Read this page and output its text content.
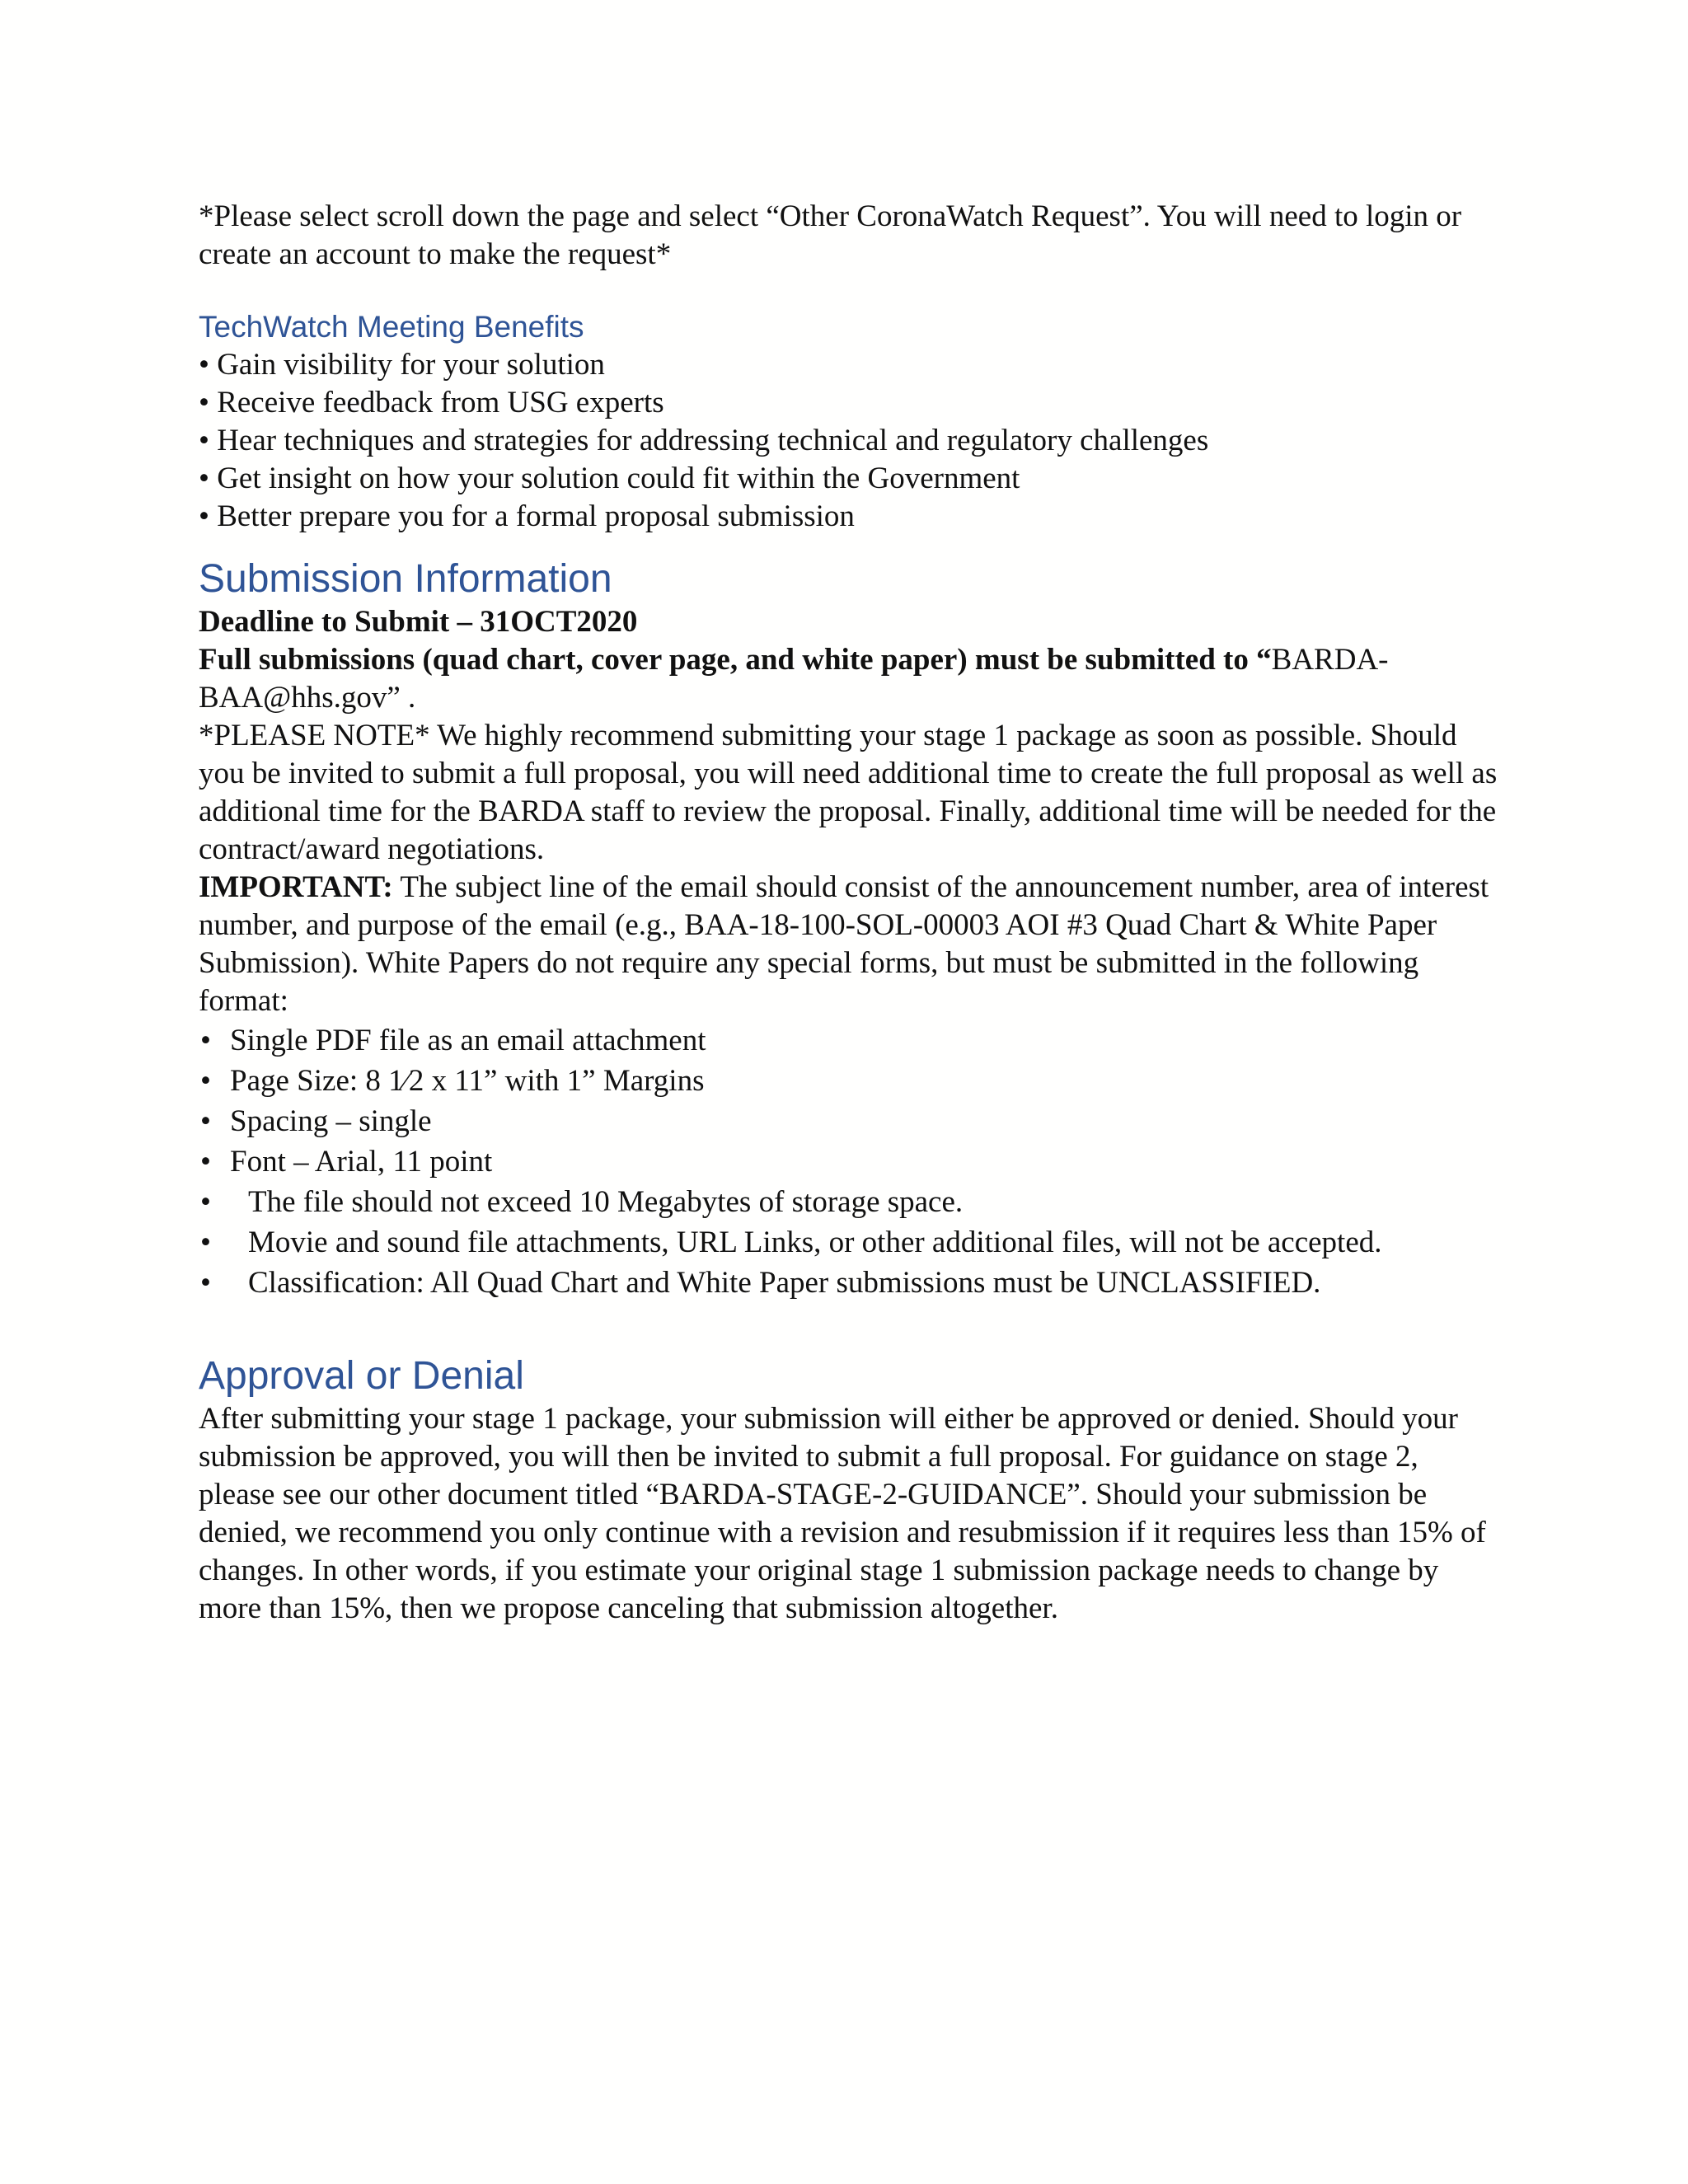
*Please select scroll down the page and select “Other CoronaWatch Request”. You will need to login or create an account to make the request*

TechWatch Meeting Benefits

• Gain visibility for your solution

• Receive feedback from USG experts

• Hear techniques and strategies for addressing technical and regulatory challenges

• Get insight on how your solution could fit within the Government

• Better prepare you for a formal proposal submission

Submission Information

Deadline to Submit – 31OCT2020

Full submissions (quad chart, cover page, and white paper) must be submitted to “BARDA-BAA@hhs.gov” .

*PLEASE NOTE* We highly recommend submitting your stage 1 package as soon as possible. Should you be invited to submit a full proposal, you will need additional time to create the full proposal as well as additional time for the BARDA staff to review the proposal. Finally, additional time will be needed for the contract/award negotiations.

IMPORTANT: The subject line of the email should consist of the announcement number, area of interest number, and purpose of the email (e.g., BAA-18-100-SOL-00003 AOI #3 Quad Chart & White Paper Submission). White Papers do not require any special forms, but must be submitted in the following format:

• Single PDF file as an email attachment
• Page Size: 8 1⁄2 x 11” with 1” Margins
• Spacing – single
• Font – Arial, 11 point
• The file should not exceed 10 Megabytes of storage space.
• Movie and sound file attachments, URL Links, or other additional files, will not be accepted.
• Classification: All Quad Chart and White Paper submissions must be UNCLASSIFIED.
Approval or Denial

After submitting your stage 1 package, your submission will either be approved or denied. Should your submission be approved, you will then be invited to submit a full proposal. For guidance on stage 2, please see our other document titled “BARDA-STAGE-2-GUIDANCE”. Should your submission be denied, we recommend you only continue with a revision and resubmission if it requires less than 15% of changes. In other words, if you estimate your original stage 1 submission package needs to change by more than 15%, then we propose canceling that submission altogether.
